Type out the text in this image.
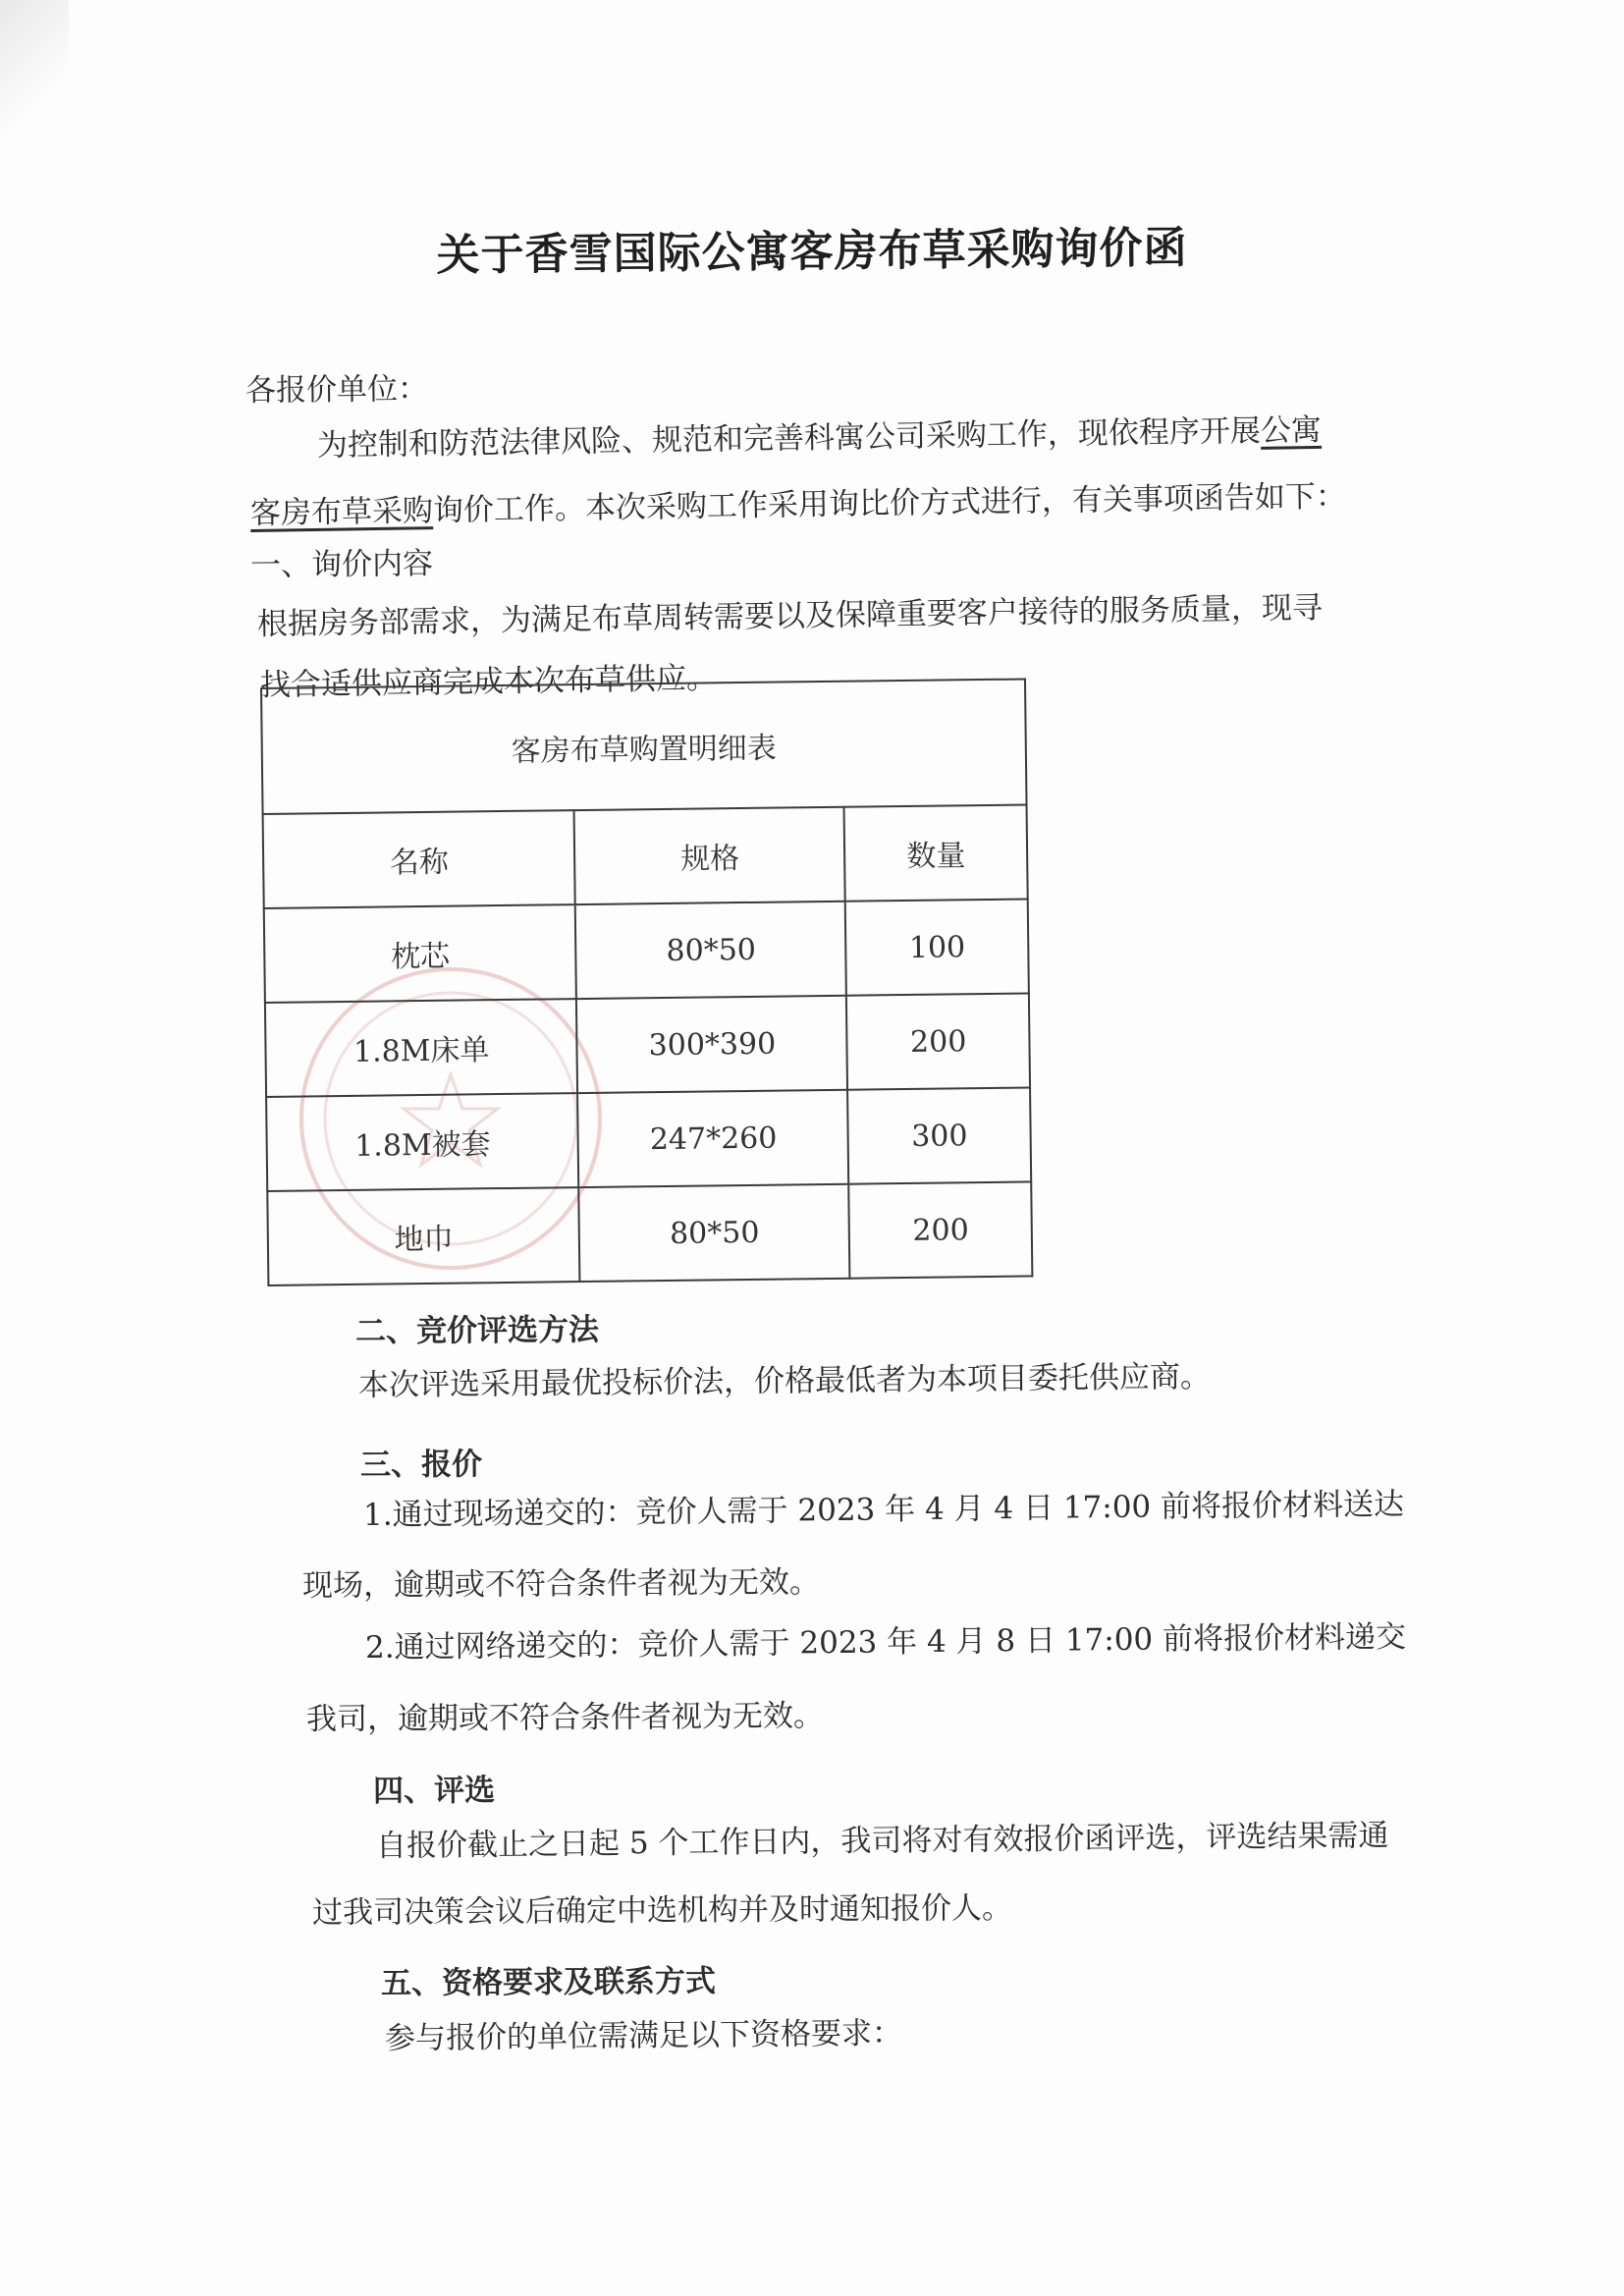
关于香雪国际公寓客房布草采购询价函
各报价单位：
为控制和防范法律风险、规范和完善科寓公司采购工作，现依程序开展公寓
客房布草采购询价工作。本次采购工作采用询比价方式进行，有关事项函告如下：
一、询价内容
根据房务部需求，为满足布草周转需要以及保障重要客户接待的服务质量，现寻
找合适供应商完成本次布草供应。
客房布草购置明细表		
名称	规格	数量
枕芯	80*50	100
1.8M床单	300*390	200
1.8M被套	247*260	300
地巾	80*50	200
二、竞价评选方法
本次评选采用最优投标价法，价格最低者为本项目委托供应商。
三、报价
1.通过现场递交的：竞价人需于 2023 年 4 月 4 日 17:00 前将报价材料送达
现场，逾期或不符合条件者视为无效。
2.通过网络递交的：竞价人需于 2023 年 4 月 8 日 17:00 前将报价材料递交
我司，逾期或不符合条件者视为无效。
四、评选
自报价截止之日起 5 个工作日内，我司将对有效报价函评选，评选结果需通
过我司决策会议后确定中选机构并及时通知报价人。
五、资格要求及联系方式
参与报价的单位需满足以下资格要求：
